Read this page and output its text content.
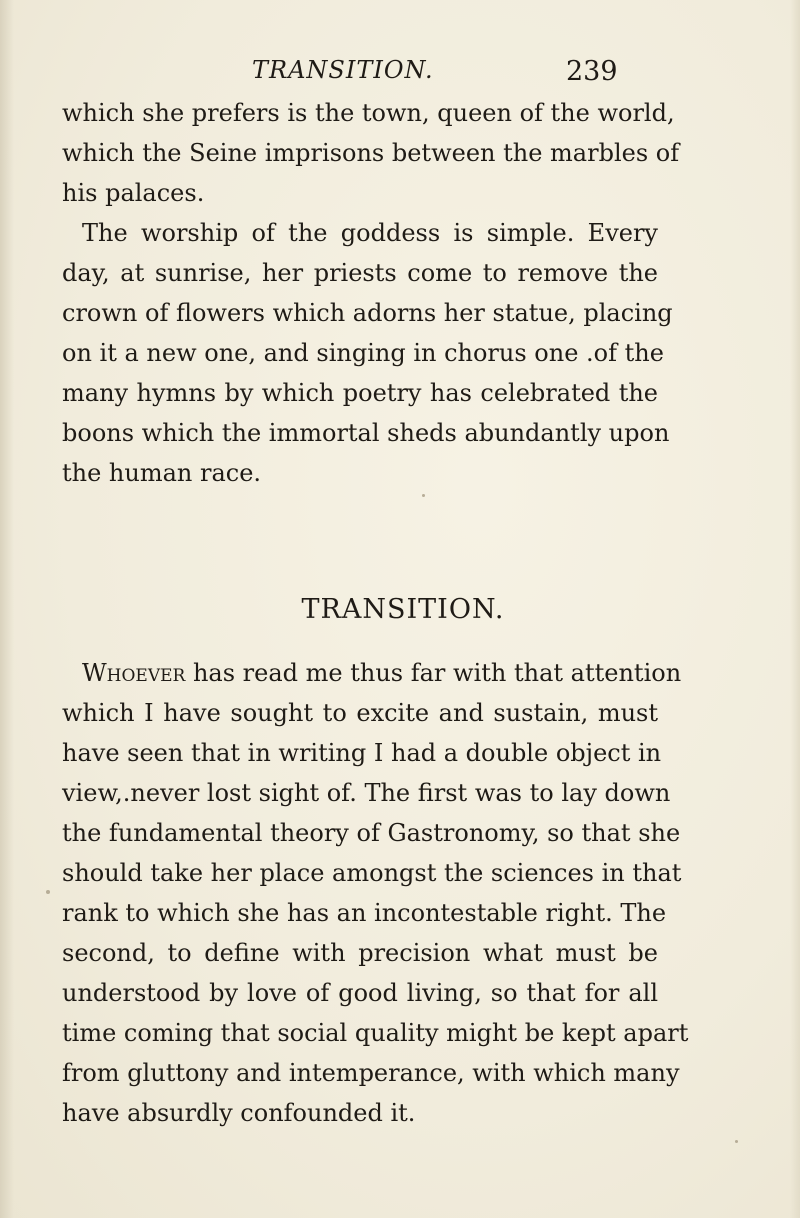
TRANSITION.	239
which she prefers is the town, queen of the world,
which the Seine imprisons between the marbles of
his palaces.
The worship of the goddess is simple. Every
day, at sunrise, her priests come to remove the
crown of flowers which adorns her statue, placing
on it a new one, and singing in chorus one .of the
many hymns by which poetry has celebrated the
boons which the immortal sheds abundantly upon
the human race.
TRANSITION.
Whoever has read me thus far with that attention
which I have sought to excite and sustain, must
have seen that in writing I had a double object in
view,.never lost sight of. The first was to lay down
the fundamental theory of Gastronomy, so that she
should take her place amongst the sciences in that
rank to which she has an incontestable right. The
second, to define with precision what must be
understood by love of good living, so that for all
time coming that social quality might be kept apart
from gluttony and intemperance, with which many
have absurdly confounded it.
